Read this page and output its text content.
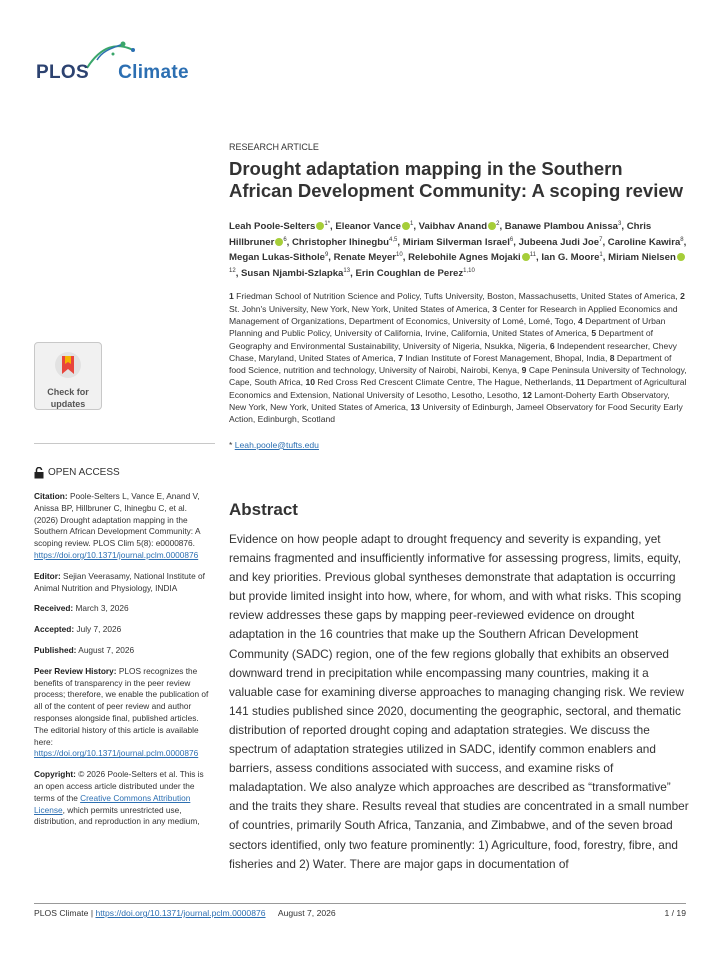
PLOS Climate
Check for
updates
OPEN ACCESS

Citation: Poole-Selters L, Vance E, Anand V, Anissa BP, Hillbruner C, Ihinegbu C, et al. (2026) Drought adaptation mapping in the Southern African Development Community: A scoping review. PLOS Clim 5(8): e0000876. https://doi.org/10.1371/journal.pclm.0000876

Editor: Sejian Veerasamy, National Institute of Animal Nutrition and Physiology, INDIA

Received: March 3, 2026

Accepted: July 7, 2026

Published: August 7, 2026

Peer Review History: PLOS recognizes the benefits of transparency in the peer review process; therefore, we enable the publication of all of the content of peer review and author responses alongside final, published articles. The editorial history of this article is available here: https://doi.org/10.1371/journal.pclm.0000876

Copyright: © 2026 Poole-Selters et al. This is an open access article distributed under the terms of the Creative Commons Attribution License, which permits unrestricted use, distribution, and reproduction in any medium,

RESEARCH ARTICLE
Drought adaptation mapping in the Southern African Development Community: A scoping review
Leah Poole-Selters $^{1*}$, Eleanor Vance $^1$, Vaibhav Anand $^2$, Banawe Plambou Anissa$^3$, Chris Hillbruner $^6$, Christopher Ihinegbu$^{4,5}$, Miriam Silverman Israel$^6$, Jubeena Judi Joe$^7$, Caroline Kawira$^8$, Megan Lukas-Sithole$^9$, Renate Meyer$^{10}$, Relebohile Agnes Mojaki $^{11}$, Ian G. Moore$^1$, Miriam Nielsen$^{12}$, Susan Njambi-Szlapka$^{13}$, Erin Coughlan de Perez$^{1,10}$
1 Friedman School of Nutrition Science and Policy, Tufts University, Boston, Massachusetts, United States of America, 2 St. John's University, New York, New York, United States of America, 3 Center for Research in Applied Economics and Management of Organizations, Department of Economics, University of Lomé, Lomé, Togo, 4 Department of Urban Planning and Public Policy, University of California, Irvine, California, United States of America, 5 Department of Geography and Environmental Sustainability, University of Nigeria, Nsukka, Nigeria, 6 Independent researcher, Chevy Chase, Maryland, United States of America, 7 Indian Institute of Forest Management, Bhopal, India, 8 Department of food Science, nutrition and technology, University of Nairobi, Nairobi, Kenya, 9 Cape Peninsula University of Technology, Cape, South Africa, 10 Red Cross Red Crescent Climate Centre, The Hague, Netherlands, 11 Department of Agricultural Economics and Extension, National University of Lesotho, Lesotho, Lesotho, 12 Lamont-Doherty Earth Observatory, New York, New York, United States of America, 13 University of Edinburgh, Jameel Observatory for Food Security Early Action, Edinburgh, Scotland
* Leah.poole@tufts.edu
Abstract
Evidence on how people adapt to drought frequency and severity is expanding, yet remains fragmented and insufficiently informative for assessing progress, limits, equity, and key priorities. Previous global syntheses demonstrate that adaptation is occurring but provide limited insight into how, where, for whom, and with what risks. This scoping review addresses these gaps by mapping peer-reviewed evidence on drought adaptation in the 16 countries that make up the Southern African Development Community (SADC) region, one of the few regions globally that exhibits an observed downward trend in precipitation while encompassing many countries, making it a valuable case for examining diverse approaches to managing changing risk. We review 141 studies published since 2020, documenting the geographic, sectoral, and thematic distribution of reported drought coping and adaptation strategies. We discuss the spectrum of adaptation strategies utilized in SADC, identify common enablers and barriers, assess conditions associated with success, and examine risks of maladaptation. We also analyze which approaches are described as “transformative” and the traits they share. Results reveal that studies are concentrated in a small number of countries, primarily South Africa, Tanzania, and Zimbabwe, and of the seven broad sectors identified, only two feature prominently: 1) Agriculture, food, forestry, fibre, and fisheries and 2) Water. There are major gaps in documentation of
PLOS Climate | https://doi.org/10.1371/journal.pclm.0000876 August 7, 2026	1 / 19
